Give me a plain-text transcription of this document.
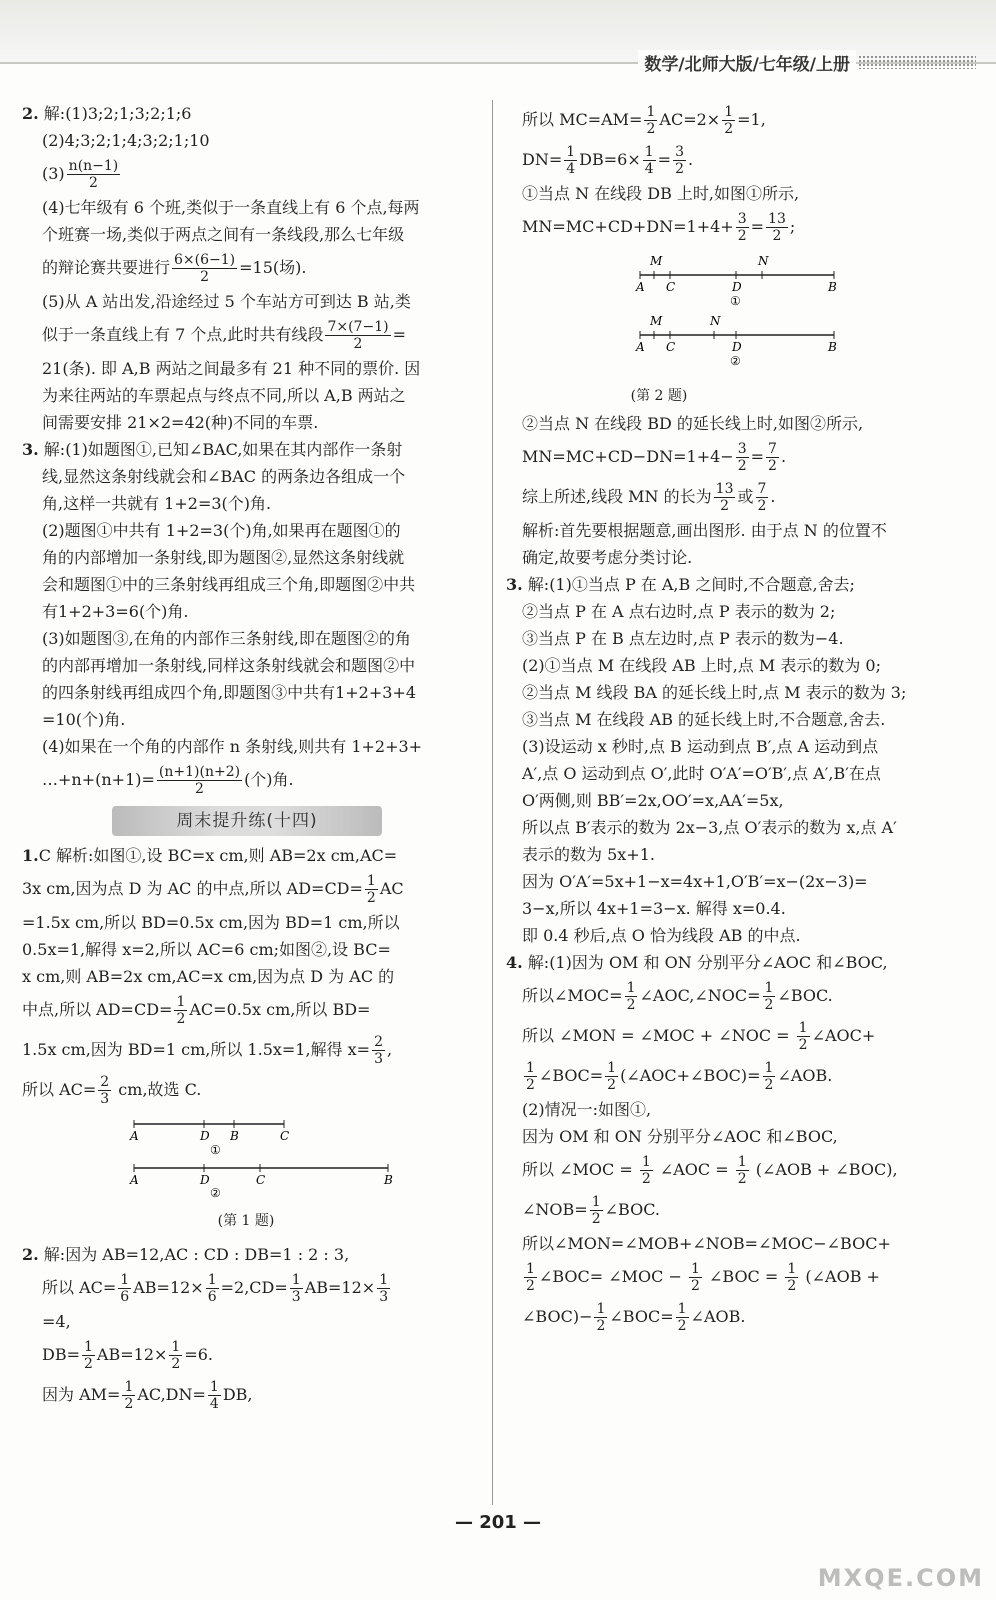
数学/北师大版/七年级/上册
2. 解:(1)3;2;1;3;2;1;6
(2)4;3;2;1;4;3;2;1;10
$(3) \frac{n(n-1)}{2}$
(4)七年级有 6 个班,类似于一条直线上有 6 个点,每两
个班赛一场,类似于两点之间有一条线段,那么七年级
的辩论赛共要进行 $\frac{6\times(6-1)}{2} =15$(场).
(5)从 A 站出发,沿途经过 5 个车站方可到达 B 站,类
似于一条直线上有 7 个点,此时共有线段 $\frac{7\times(7-1)}{2}$ =
21(条). 即 A,B 两站之间最多有 21 种不同的票价. 因
为来往两站的车票起点与终点不同,所以 A,B 两站之
间需要安排 21×2=42(种)不同的车票.
3. 解:(1)如题图①,已知∠BAC,如果在其内部作一条射
线,显然这条射线就会和∠BAC 的两条边各组成一个
角,这样一共就有 1+2=3(个)角.
(2)题图①中共有 1+2=3(个)角,如果再在题图①的
角的内部增加一条射线,即为题图②,显然这条射线就
会和题图①中的三条射线再组成三个角,即题图②中共
有1+2+3=6(个)角.
(3)如题图③,在角的内部作三条射线,即在题图②的角
的内部再增加一条射线,同样这条射线就会和题图②中
的四条射线再组成四个角,即题图③中共有1+2+3+4
=10(个)角.
(4)如果在一个角的内部作 n 条射线,则共有 1+2+3+
…+n+(n+1)= $\frac{(n+1)(n+2)}{2}$ (个)角.
周末提升练(十四)
1.C 解析:如图①,设 BC=x cm,则 AB=2x cm,AC=
3x cm,因为点 D 为 AC 的中点,所以 $AD=CD= \frac{1}{2}$ AC
=1.5x cm,所以 BD=0.5x cm,因为 BD=1 cm,所以
0.5x=1,解得 x=2,所以 AC=6 cm;如图②,设 BC=
x cm,则 AB=2x cm,AC=x cm,因为点 D 为 AC 的
中点,所以 $AD=CD= \frac{1}{2} AC=0.5x$ cm,所以 BD=
1.5x cm,因为 BD=1 cm,所以 1.5x=1,解得 $x= \frac{2}{3}$ ,
所以 $AC= \frac{2}{3}$ cm,故选 C.
A	D B	C
①
A	D	C	B
②
(第 1 题)
2. 解:因为 AB=12,AC : CD : DB=1 : 2 : 3,
所以 $AC= \frac{1}{6} AB=12\times \frac{1}{6} =2,CD= \frac{1}{3} AB=12\times \frac{1}{3}$
=4,
$DB= \frac{1}{2} AB=12\times \frac{1}{2} =6$.
因为 $AM= \frac{1}{2} AC,DN= \frac{1}{4}$ DB,
所以 $MC=AM= \frac{1}{2} AC=2\times \frac{1}{2} =1$,
$DN= \frac{1}{4} DB=6\times \frac{1}{4} = \frac{3}{2}$ .
①当点 N 在线段 DB 上时,如图①所示,
$MN=MC+CD+DN=1+4+ \frac{3}{2} = \frac{13}{2}$ ;
M	N
A C	D	B
①
M	N
A C	D	B
②
(第 2 题)
②当点 N 在线段 BD 的延长线上时,如图②所示,
$MN=MC+CD-DN=1+4- \frac{3}{2} = \frac{7}{2}$ .
综上所述,线段 MN 的长为 $\frac{13}{2}$ 或 $\frac{7}{2}$ .
解析:首先要根据题意,画出图形. 由于点 N 的位置不
确定,故要考虑分类讨论.
3. 解:(1)①当点 P 在 A,B 之间时,不合题意,舍去;
②当点 P 在 A 点右边时,点 P 表示的数为 2;
③当点 P 在 B 点左边时,点 P 表示的数为−4.
(2)①当点 M 在线段 AB 上时,点 M 表示的数为 0;
②当点 M 线段 BA 的延长线上时,点 M 表示的数为 3;
③当点 M 在线段 AB 的延长线上时,不合题意,舍去.
(3)设运动 x 秒时,点 B 运动到点 B′,点 A 运动到点
A′,点 O 运动到点 O′,此时 O′A′=O′B′,点 A′,B′在点
O′两侧,则 BB′=2x,OO′=x,AA′=5x,
所以点 B′表示的数为 2x−3,点 O′表示的数为 x,点 A′
表示的数为 5x+1.
因为 O′A′=5x+1−x=4x+1,O′B′=x−(2x−3)=
3−x,所以 4x+1=3−x. 解得 x=0.4.
即 0.4 秒后,点 O 恰为线段 AB 的中点.
4. 解:(1)因为 OM 和 ON 分别平分∠AOC 和∠BOC,
所以∠MOC= $\frac{1}{2}$ ∠AOC,∠NOC= $\frac{1}{2}$ ∠BOC.
所以 ∠MON = ∠MOC + ∠NOC = $\frac{1}{2}$ ∠AOC+
$\frac{1}{2}$ ∠BOC= $\frac{1}{2}$ (∠AOC+∠BOC)= $\frac{1}{2}$ ∠AOB.
(2)情况一:如图①,
因为 OM 和 ON 分别平分∠AOC 和∠BOC,
所以 ∠MOC = $\frac{1}{2}$ ∠AOC = $\frac{1}{2}$ (∠AOB + ∠BOC),
∠NOB= $\frac{1}{2}$ ∠BOC.
所以∠MON=∠MOB+∠NOB=∠MOC−∠BOC+
$\frac{1}{2}$ ∠BOC= ∠MOC − $\frac{1}{2}$ ∠BOC = $\frac{1}{2}$ (∠AOB +
∠BOC)− $\frac{1}{2}$ ∠BOC= $\frac{1}{2}$ ∠AOB.
— 201 —
MXQE.COM
